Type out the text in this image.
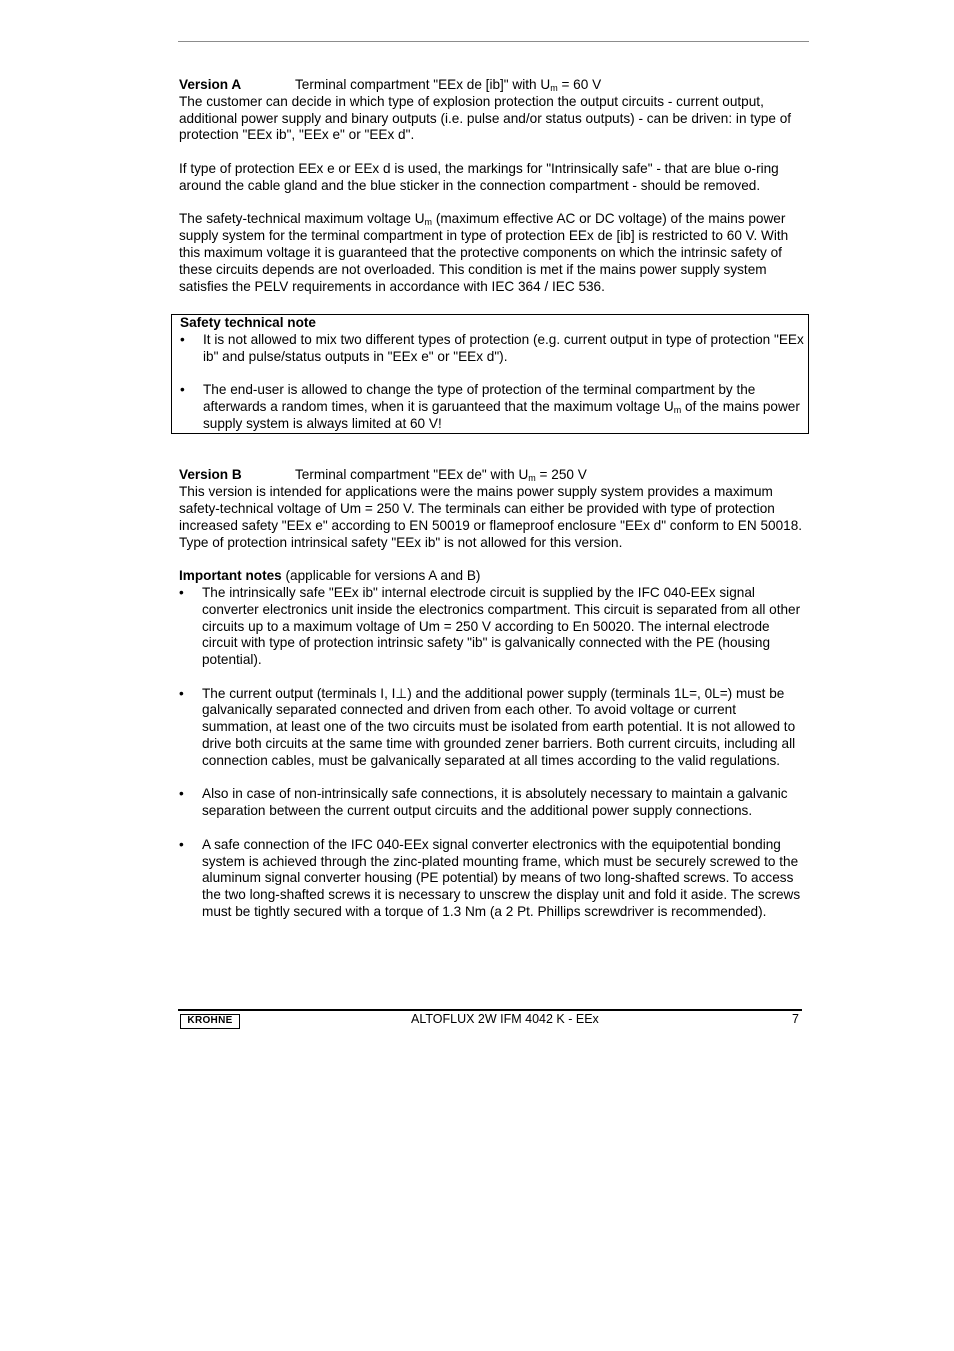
Version A	Terminal compartment "EEx de [ib]" with $U_m = 60$ V

The customer can decide in which type of explosion protection the output circuits - current output, additional power supply and binary outputs (i.e. pulse and/or status outputs) - can be driven: in type of protection "EEx ib", "EEx e" or "EEx d".

If type of protection EEx e or EEx d is used, the markings for "Intrinsically safe" - that are blue o-ring around the cable gland and the blue sticker in the connection compartment - should be removed.

The safety-technical maximum voltage $U_m$ (maximum effective AC or DC voltage) of the mains power supply system for the terminal compartment in type of protection EEx de [ib] is restricted to 60 V. With this maximum voltage it is guaranteed that the protective components on which the intrinsic safety of these circuits depends are not overloaded. This condition is met if the mains power supply system satisfies the PELV requirements in accordance with IEC 364 / IEC 536.

Safety technical note

• It is not allowed to mix two different types of protection (e.g. current output in type of protection "EEx ib" and pulse/status outputs in "EEx e" or "EEx d").
• The end-user is allowed to change the type of protection of the terminal compartment by the afterwards a random times, when it is garuanteed that the maximum voltage $U_m$ of the mains power supply system is always limited at 60 V!

Version B	Terminal compartment "EEx de" with $U_m = 250$ V

This version is intended for applications were the mains power supply system provides a maximum safety-technical voltage of Um = 250 V. The terminals can either be provided with type of protection increased safety "EEx e" according to EN 50019 or flameproof enclosure "EEx d" conform to EN 50018. Type of protection intrinsical safety "EEx ib" is not allowed for this version.

Important notes (applicable for versions A and B)

• The intrinsically safe "EEx ib" internal electrode circuit is supplied by the IFC 040-EEx signal converter electronics unit inside the electronics compartment. This circuit is separated from all other circuits up to a maximum voltage of Um = 250 V according to En 50020. The internal electrode circuit with type of protection intrinsic safety "ib" is galvanically connected with the PE (housing potential).
• The current output (terminals I, I⊥) and the additional power supply (terminals 1L=, 0L=) must be galvanically separated connected and driven from each other. To avoid voltage or current summation, at least one of the two circuits must be isolated from earth potential. It is not allowed to drive both circuits at the same time with grounded zener barriers. Both current circuits, including all connection cables, must be galvanically separated at all times according to the valid regulations.
• Also in case of non-intrinsically safe connections, it is absolutely necessary to maintain a galvanic separation between the current output circuits and the additional power supply connections.
• A safe connection of the IFC 040-EEx signal converter electronics with the equipotential bonding system is achieved through the zinc-plated mounting frame, which must be securely screwed to the aluminum signal converter housing (PE potential) by means of two long-shafted screws. To access the two long-shafted screws it is necessary to unscrew the display unit and fold it aside. The screws must be tightly secured with a torque of 1.3 Nm (a 2 Pt. Phillips screwdriver is recommended).
KROHNE	ALTOFLUX 2W IFM 4042 K - EEx	7
